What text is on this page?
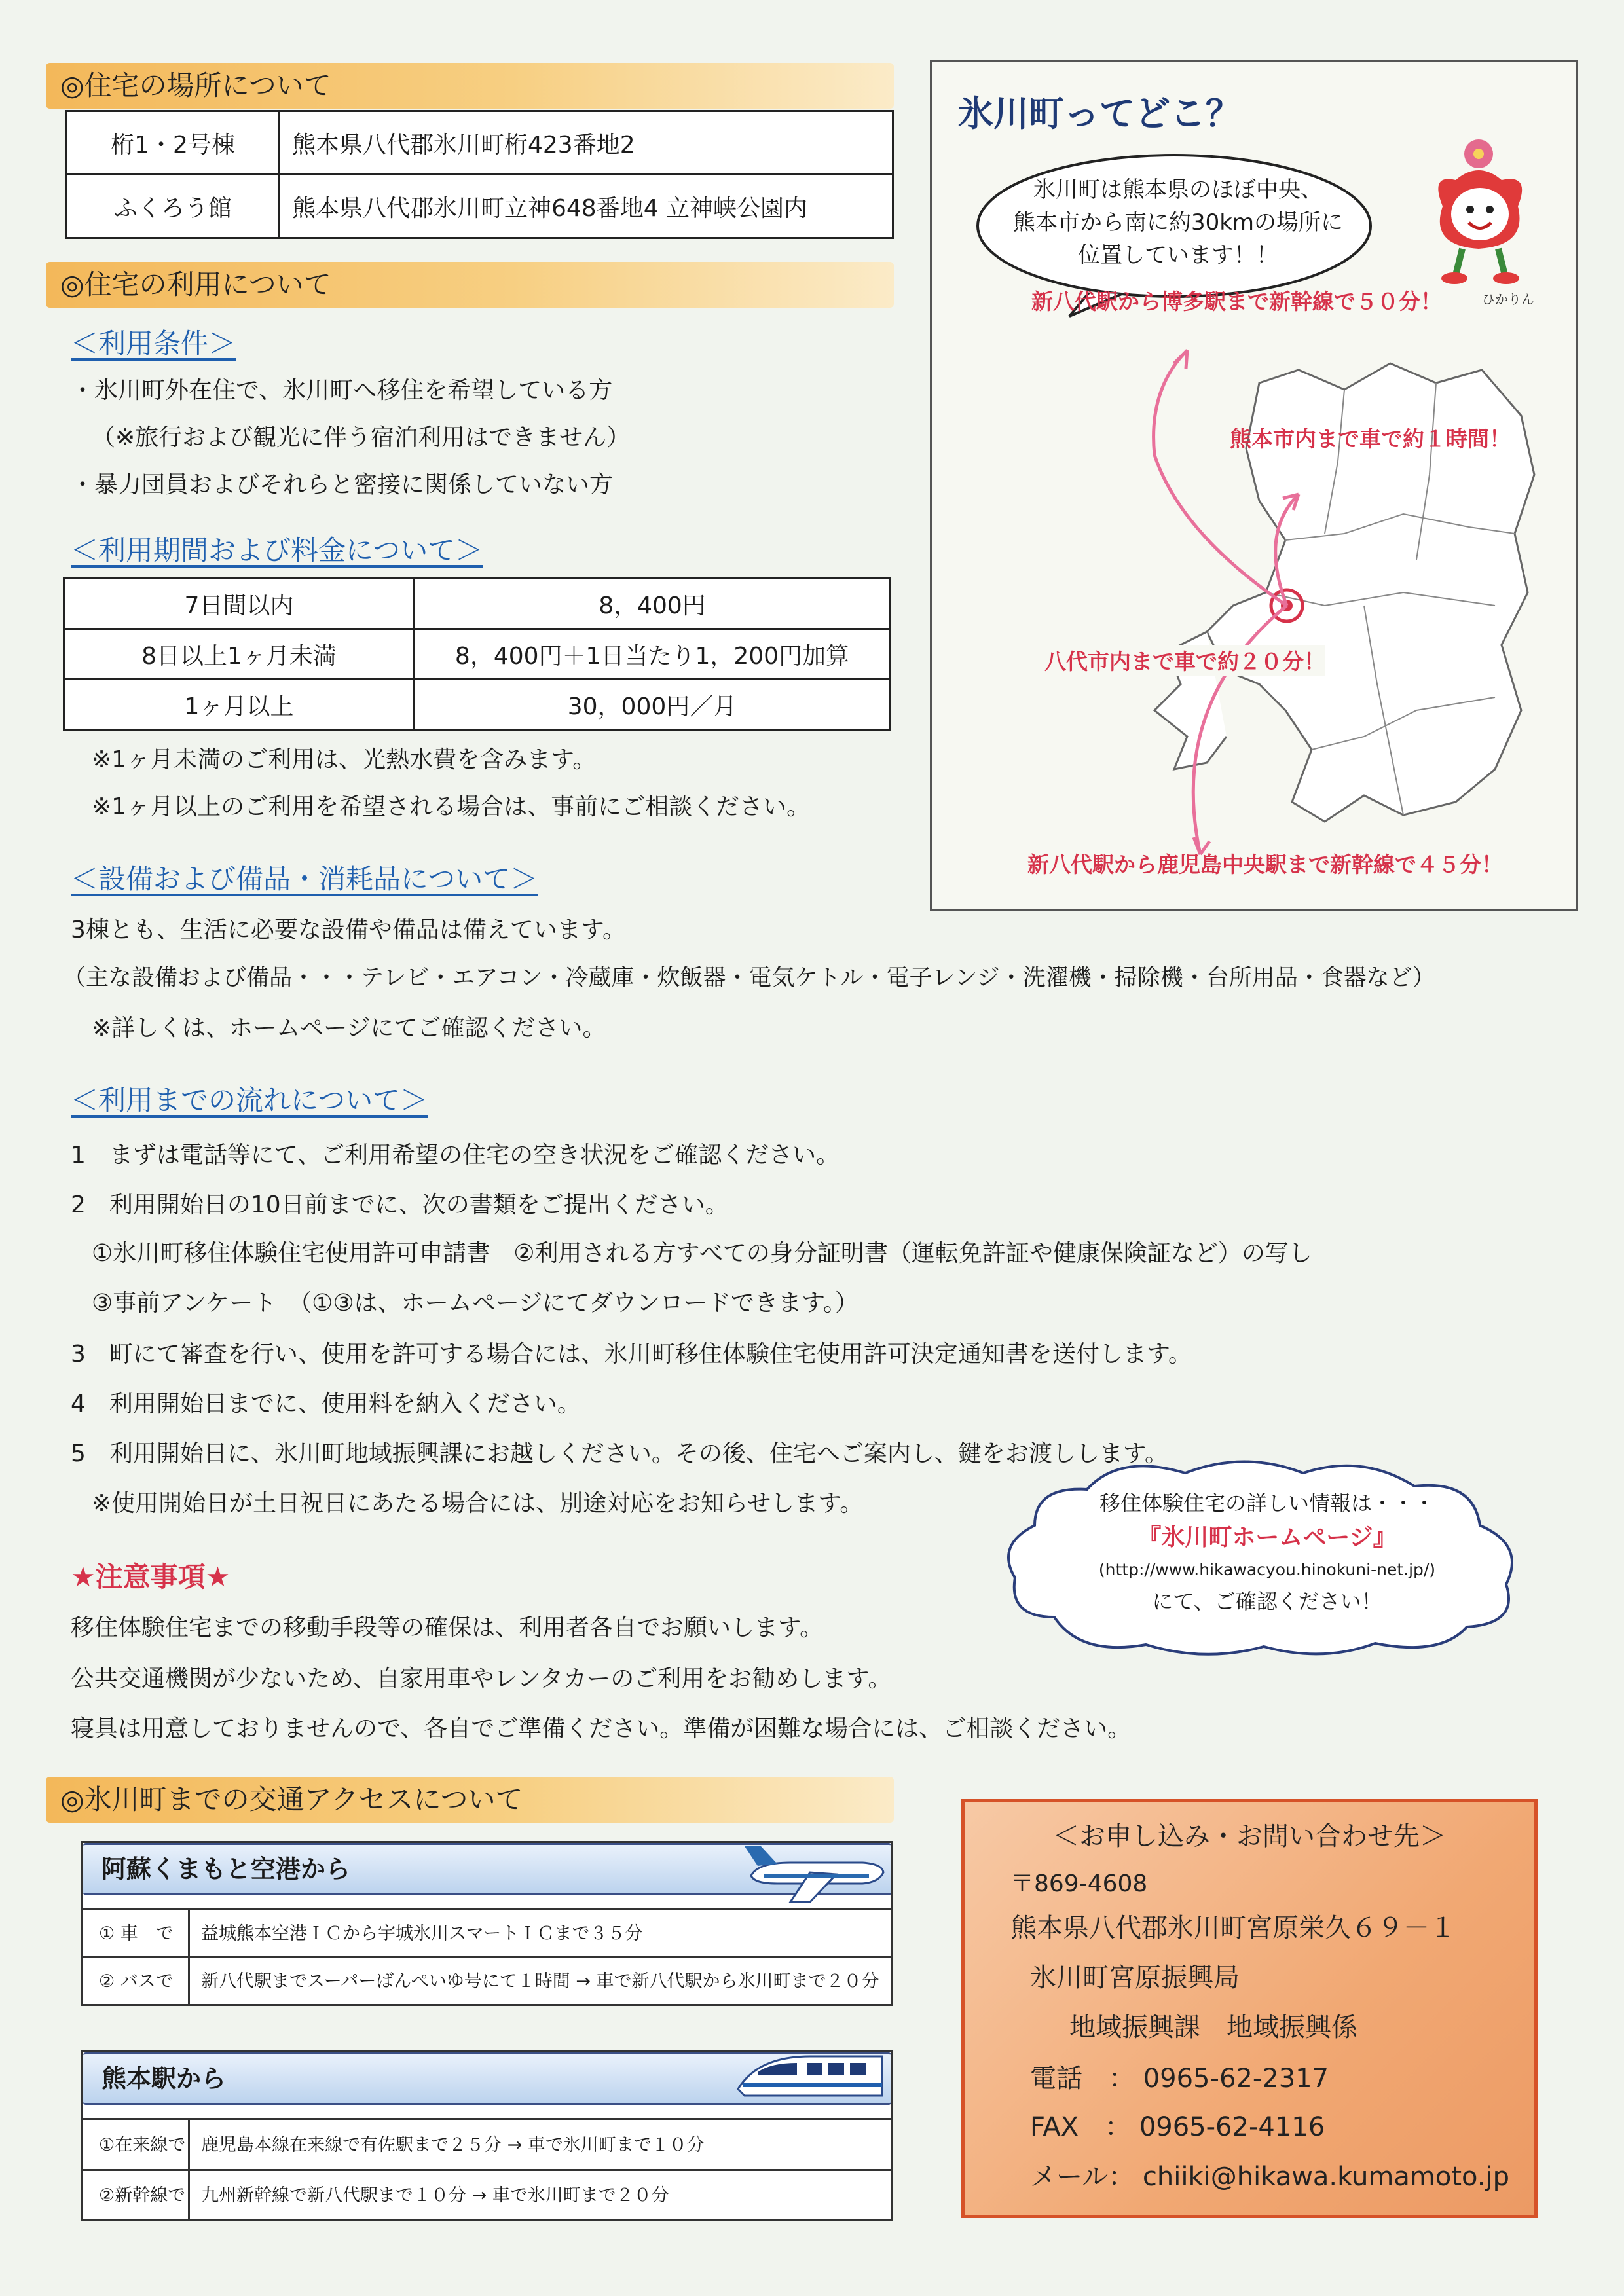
◎住宅の場所について
桁1・2号棟	熊本県八代郡氷川町桁423番地2
ふくろう館	熊本県八代郡氷川町立神648番地4 立神峡公園内
◎住宅の利用について
＜利用条件＞
・氷川町外在住で、氷川町へ移住を希望している方
（※旅行および観光に伴う宿泊利用はできません）
・暴力団員およびそれらと密接に関係していない方
＜利用期間および料金について＞
7日間以内	8，400円
8日以上1ヶ月未満	8，400円＋1日当たり1，200円加算
1ヶ月以上	30，000円／月
※1ヶ月未満のご利用は、光熱水費を含みます。
※1ヶ月以上のご利用を希望される場合は、事前にご相談ください。
＜設備および備品・消耗品について＞
3棟とも、生活に必要な設備や備品は備えています。
（主な設備および備品・・・テレビ・エアコン・冷蔵庫・炊飯器・電気ケトル・電子レンジ・洗濯機・掃除機・台所用品・食器など）
※詳しくは、ホームページにてご確認ください。
＜利用までの流れについて＞
1　まずは電話等にて、ご利用希望の住宅の空き状況をご確認ください。
2　利用開始日の10日前までに、次の書類をご提出ください。
①氷川町移住体験住宅使用許可申請書　②利用される方すべての身分証明書（運転免許証や健康保険証など）の写し
③事前アンケート　（①③は、ホームページにてダウンロードできます。）
3　町にて審査を行い、使用を許可する場合には、氷川町移住体験住宅使用許可決定通知書を送付します。
4　利用開始日までに、使用料を納入ください。
5　利用開始日に、氷川町地域振興課にお越しください。その後、住宅へご案内し、鍵をお渡しします。
※使用開始日が土日祝日にあたる場合には、別途対応をお知らせします。
氷川町ってどこ？
氷川町は熊本県のほぼ中央、
熊本市から南に約30kmの場所に
位置しています！！
ひかりん
新八代駅から博多駅まで新幹線で５０分！
熊本市内まで車で約１時間！
八代市内まで車で約２０分！
新八代駅から鹿児島中央駅まで新幹線で４５分！
移住体験住宅の詳しい情報は・・・
『氷川町ホームページ』
(http://www.hikawacyou.hinokuni-net.jp/)
にて、ご確認ください！
★注意事項★
移住体験住宅までの移動手段等の確保は、利用者各自でお願いします。
公共交通機関が少ないため、自家用車やレンタカーのご利用をお勧めします。
寝具は用意しておりませんので、各自でご準備ください。準備が困難な場合には、ご相談ください。
◎氷川町までの交通アクセスについて
阿蘇くまもと空港から
① 車　で 益城熊本空港ＩＣから宇城氷川スマートＩＣまで３５分
② バスで 新八代駅までスーパーばんぺいゆ号にて１時間 → 車で新八代駅から氷川町まで２０分
熊本駅から
①在来線で 鹿児島本線在来線で有佐駅まで２５分 → 車で氷川町まで１０分
②新幹線で 九州新幹線で新八代駅まで１０分 → 車で氷川町まで２０分
＜お申し込み・お問い合わせ先＞
〒869-4608
熊本県八代郡氷川町宮原栄久６９－１
氷川町宮原振興局
地域振興課　地域振興係
電話　： 0965-62-2317
FAX　： 0965-62-4116
メール： chiiki@hikawa.kumamoto.jp
